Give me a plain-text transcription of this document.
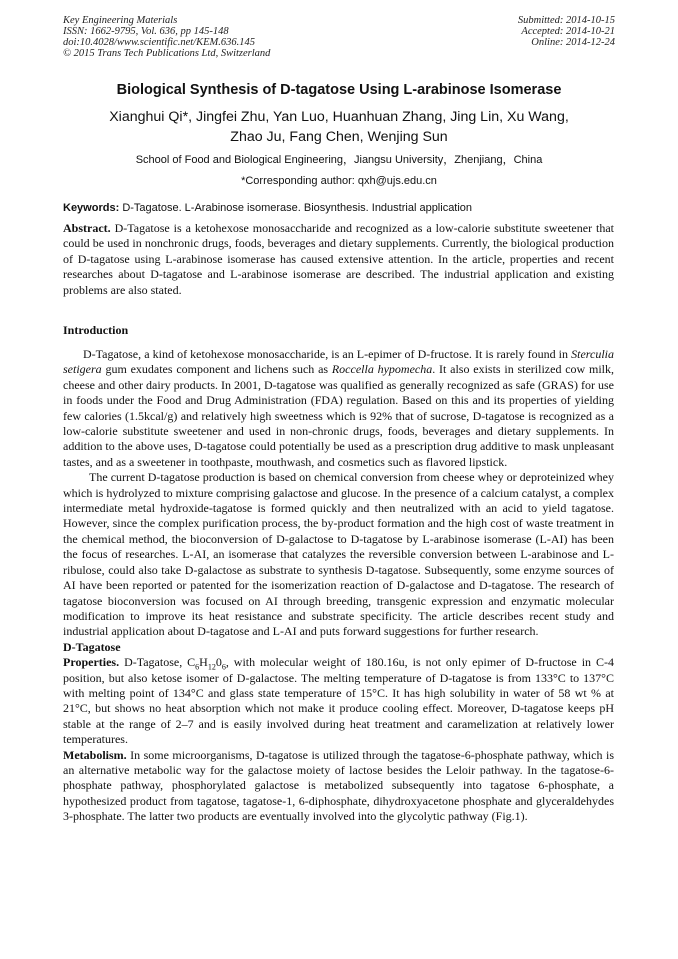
Key Engineering Materials
ISSN: 1662-9795, Vol. 636, pp 145-148
doi:10.4028/www.scientific.net/KEM.636.145
© 2015 Trans Tech Publications Ltd, Switzerland
Submitted: 2014-10-15
Accepted: 2014-10-21
Online: 2014-12-24
Biological Synthesis of D-tagatose Using L-arabinose Isomerase
Xianghui Qi*, Jingfei Zhu, Yan Luo, Huanhuan Zhang, Jing Lin, Xu Wang,
Zhao Ju, Fang Chen, Wenjing Sun
School of Food and Biological Engineering，Jiangsu University，Zhenjiang，China
*Corresponding author: qxh@ujs.edu.cn
Keywords: D-Tagatose. L-Arabinose isomerase. Biosynthesis. Industrial application

Abstract. D-Tagatose is a ketohexose monosaccharide and recognized as a low-calorie substitute sweetener that could be used in nonchronic drugs, foods, beverages and dietary supplements. Currently, the biological production of D-tagatose using L-arabinose isomerase has caused extensive attention. In the article, properties and recent researches about D-tagatose and L-arabinose isomerase are described. The industrial application and existing problems are also stated.

Introduction

D-Tagatose, a kind of ketohexose monosaccharide, is an L-epimer of D-fructose. It is rarely found in Sterculia setigera gum exudates component and lichens such as Roccella hypomecha. It also exists in sterilized cow milk, cheese and other dairy products. In 2001, D-tagatose was qualified as generally recognized as safe (GRAS) for use in foods under the Food and Drug Administration (FDA) regulation. Based on this and its properties of yielding few calories (1.5kcal/g) and relatively high sweetness which is 92% that of sucrose, D-tagatose is recognized as a low-calorie substitute sweetener and used in non-chronic drugs, foods, beverages and dietary supplements. In addition to the above uses, D-tagatose could potentially be used as a prescription drug additive to mask unpleasant tastes, and as a sweetener in toothpaste, mouthwash, and cosmetics such as flavored lipstick.

The current D-tagatose production is based on chemical conversion from cheese whey or deproteinized whey which is hydrolyzed to mixture comprising galactose and glucose. In the presence of a calcium catalyst, a complex intermediate metal hydroxide-tagatose is formed quickly and then neutralized with an acid to yield tagatose. However, since the complex purification process, the by-product formation and the high cost of waste treatment in the chemical method, the bioconversion of D-galactose to D-tagatose by L-arabinose isomerase (L-AI) has been the focus of researches. L-AI, an isomerase that catalyzes the reversible conversion between L-arabinose and L-ribulose, could also take D-galactose as substrate to synthesis D-tagatose. Subsequently, some enzyme sources of AI have been reported or patented for the isomerization reaction of D-galactose and D-tagatose. The research of tagatose bioconversion was focused on AI through breeding, transgenic expression and enzymatic molecular modification to improve its heat resistance and substrate specificity. The article describes recent study and industrial application about D-tagatose and L-AI and puts forward suggestions for further research.

D-Tagatose

Properties. D-Tagatose, $C_6H_{12}0_6$, with molecular weight of 180.16u, is not only epimer of D-fructose in C-4 position, but also ketose isomer of D-galactose. The melting temperature of D-tagatose is from 133°C to 137°C with melting point of 134°C and glass state temperature of 15°C. It has high solubility in water of 58 wt % at 21°C, but shows no heat absorption which not make it produce cooling effect. Moreover, D-tagatose keeps pH stable at the range of 2–7 and is easily involved during heat treatment and caramelization at relatively lower temperatures.

Metabolism. In some microorganisms, D-tagatose is utilized through the tagatose-6-phosphate pathway, which is an alternative metabolic way for the galactose moiety of lactose besides the Leloir pathway. In the tagatose-6-phosphate pathway, phosphorylated galactose is metabolized subsequently into tagatose 6-phosphate, a hypothesized product from tagatose, tagatose-1, 6-diphosphate, dihydroxyacetone phosphate and glyceraldehydes 3-phosphate. The latter two products are eventually involved into the glycolytic pathway (Fig.1).
